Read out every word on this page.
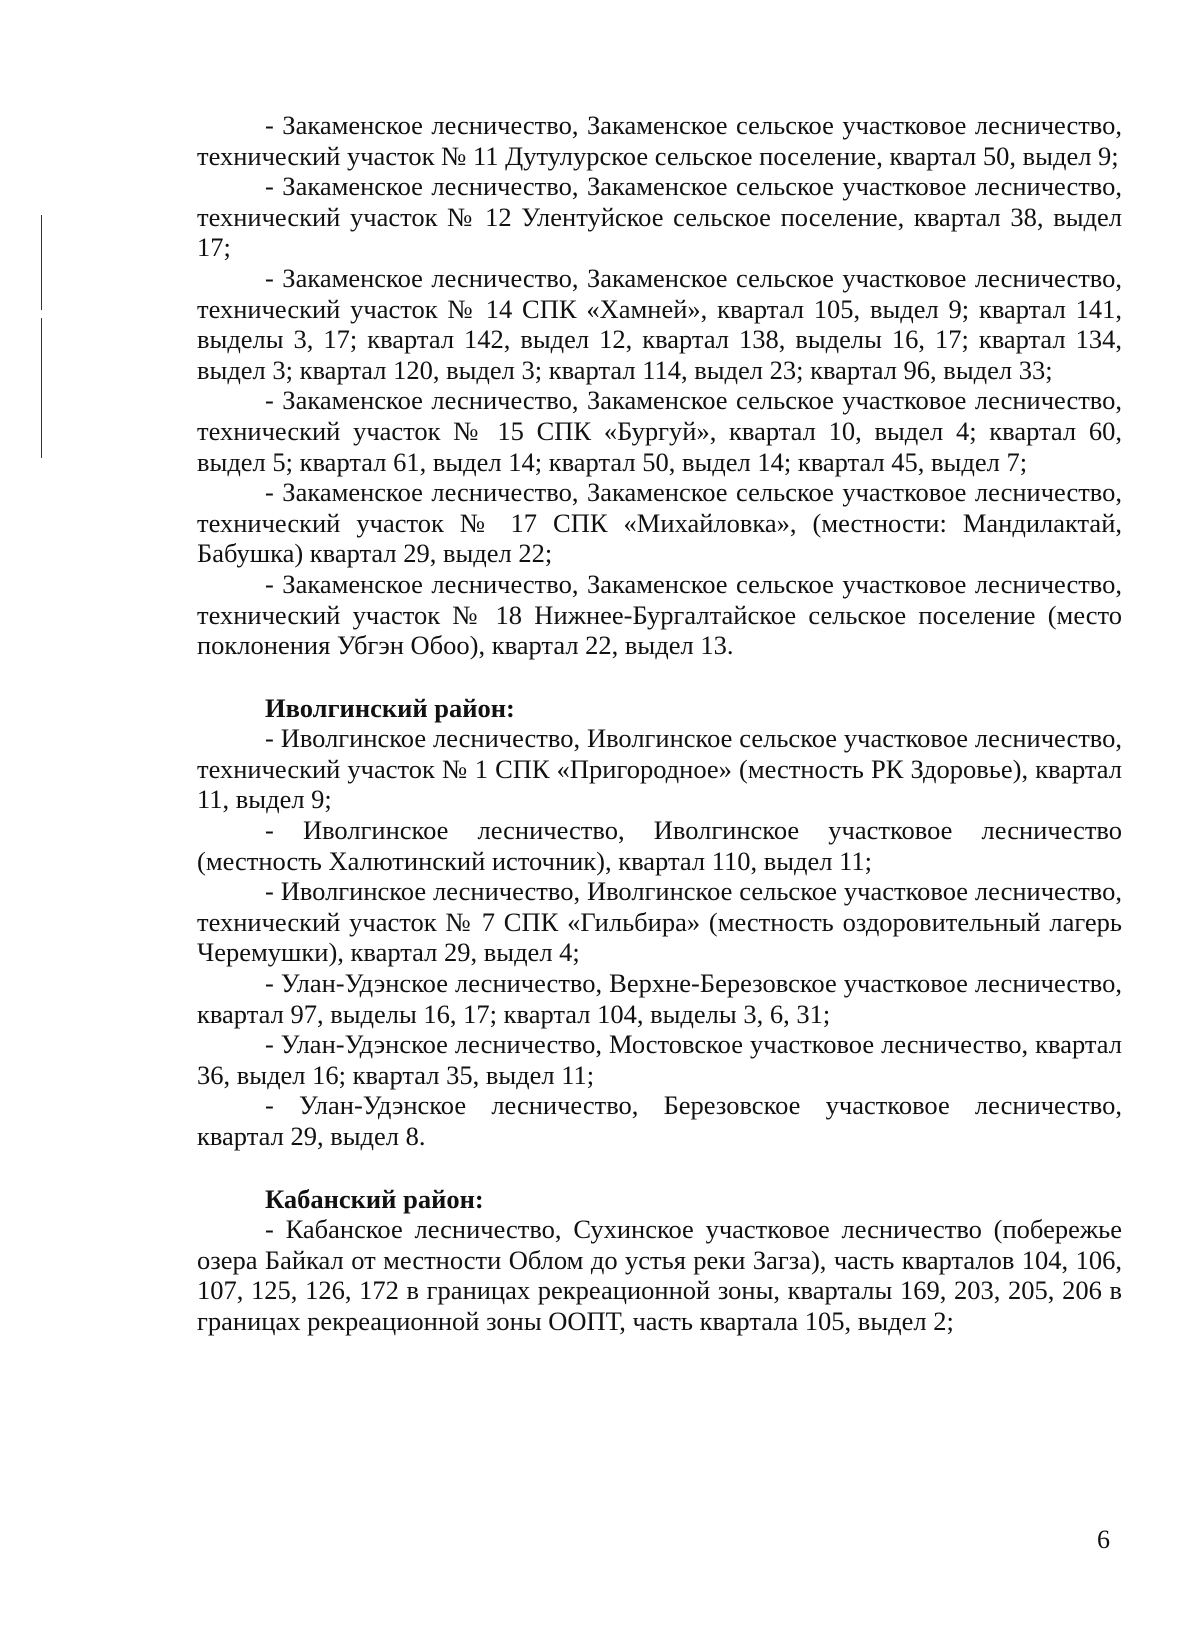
- Закаменское лесничество, Закаменское сельское участковое лесничество, технический участок № 11 Дутулурское сельское поселение, квартал 50, выдел 9;

- Закаменское лесничество, Закаменское сельское участковое лесничество, технический участок № 12 Улентуйское сельское поселение, квартал 38, выдел 17;

- Закаменское лесничество, Закаменское сельское участковое лесничество, технический участок № 14 СПК «Хамней», квартал 105, выдел 9; квартал 141, выделы 3, 17; квартал 142, выдел 12, квартал 138, выделы 16, 17; квартал 134, выдел 3; квартал 120, выдел 3; квартал 114, выдел 23; квартал 96, выдел 33;

- Закаменское лесничество, Закаменское сельское участковое лесничество, технический участок № 15 СПК «Бургуй», квартал 10, выдел 4; квартал 60, выдел 5; квартал 61, выдел 14; квартал 50, выдел 14; квартал 45, выдел 7;

- Закаменское лесничество, Закаменское сельское участковое лесничество, технический участок № 17 СПК «Михайловка», (местности: Мандилактай, Бабушка) квартал 29, выдел 22;

- Закаменское лесничество, Закаменское сельское участковое лесничество, технический участок № 18 Нижнее-Бургалтайское сельское поселение (место поклонения Убгэн Обоо), квартал 22, выдел 13.

Иволгинский район:

- Иволгинское лесничество, Иволгинское сельское участковое лесничество, технический участок № 1 СПК «Пригородное» (местность РК Здоровье), квартал 11, выдел 9;

- Иволгинское лесничество, Иволгинское участковое лесничество (местность Халютинский источник), квартал 110, выдел 11;

- Иволгинское лесничество, Иволгинское сельское участковое лесничество, технический участок № 7 СПК «Гильбира» (местность оздоровительный лагерь Черемушки), квартал 29, выдел 4;

- Улан-Удэнское лесничество, Верхне-Березовское участковое лесничество, квартал 97, выделы 16, 17; квартал 104, выделы 3, 6, 31;

- Улан-Удэнское лесничество, Мостовское участковое лесничество, квартал 36, выдел 16; квартал 35, выдел 11;

- Улан-Удэнское лесничество, Березовское участковое лесничество, квартал 29, выдел 8.

Кабанский район:

- Кабанское лесничество, Сухинское участковое лесничество (побережье озера Байкал от местности Облом до устья реки Загза), часть кварталов 104, 106, 107, 125, 126, 172 в границах рекреационной зоны, кварталы 169, 203, 205, 206 в границах рекреационной зоны ООПТ, часть квартала 105, выдел 2;

6
